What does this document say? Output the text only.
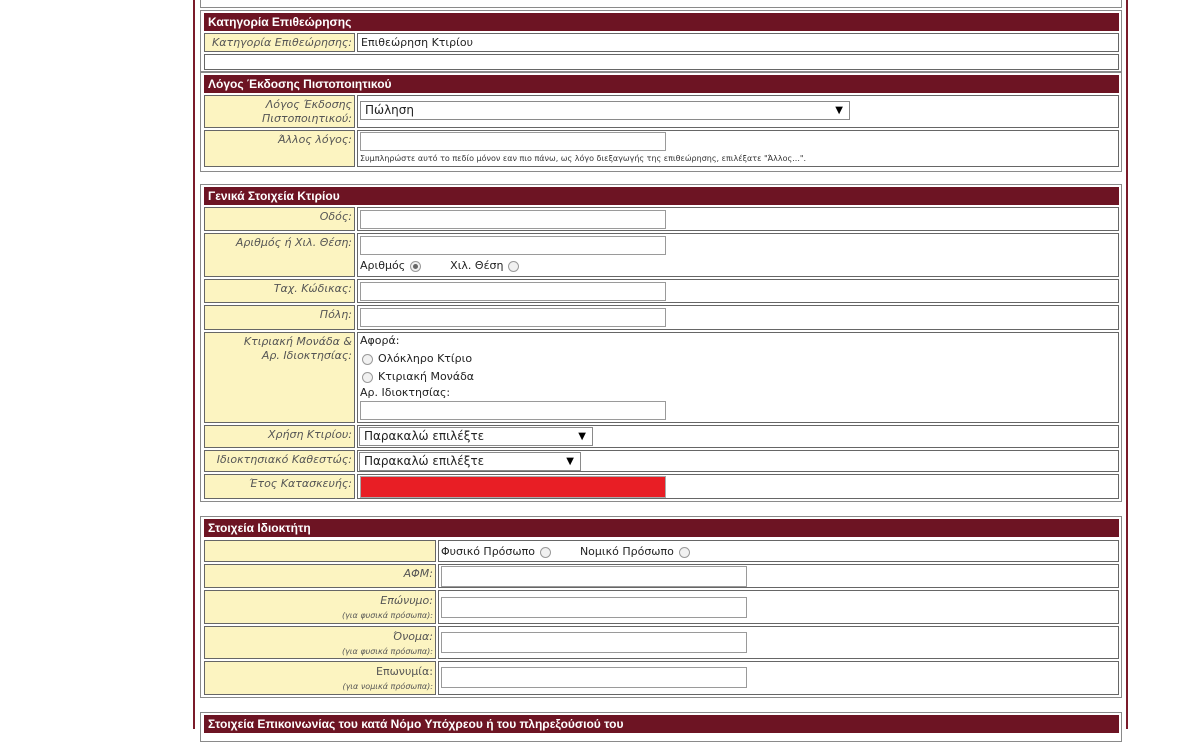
Κατηγορία Επιθεώρησης
Κατηγορία Επιθεώρησης: Επιθεώρηση Κτιρίου
Λόγος Έκδοσης Πιστοποιητικού
Λόγος Έκδοσης
Πιστοποιητικού:
Πώληση	▼
Άλλος λόγος:
Συμπληρώστε αυτό το πεδίο μόνον εαν πιο πάνω, ως λόγο διεξαγωγής της επιθεώρησης, επιλέξατε "Άλλος...".
Γενικά Στοιχεία Κτιρίου
Οδός:
Αριθμός ή Χιλ. Θέση:
Αριθμός	Χιλ. Θέση
Ταχ. Κώδικας:
Πόλη:
Κτιριακή Μονάδα &
Αρ. Ιδιοκτησίας:
Αφορά:
Ολόκληρο Κτίριο
Κτιριακή Μονάδα
Αρ. Ιδιοκτησίας:
Χρήση Κτιρίου:	Παρακαλώ επιλέξτε	▼
Ιδιοκτησιακό Καθεστώς:	Παρακαλώ επιλέξτε	▼
Έτος Κατασκευής:
Στοιχεία Ιδιοκτήτη
Φυσικό Πρόσωπο	Νομικό Πρόσωπο
ΑΦΜ:
Επώνυμο:
(για φυσικά πρόσωπα):
Όνομα:
(για φυσικά πρόσωπα):
Επωνυμία:
(για νομικά πρόσωπα):
Στοιχεία Επικοινωνίας του κατά Νόμο Υπόχρεου ή του πληρεξούσιού του
